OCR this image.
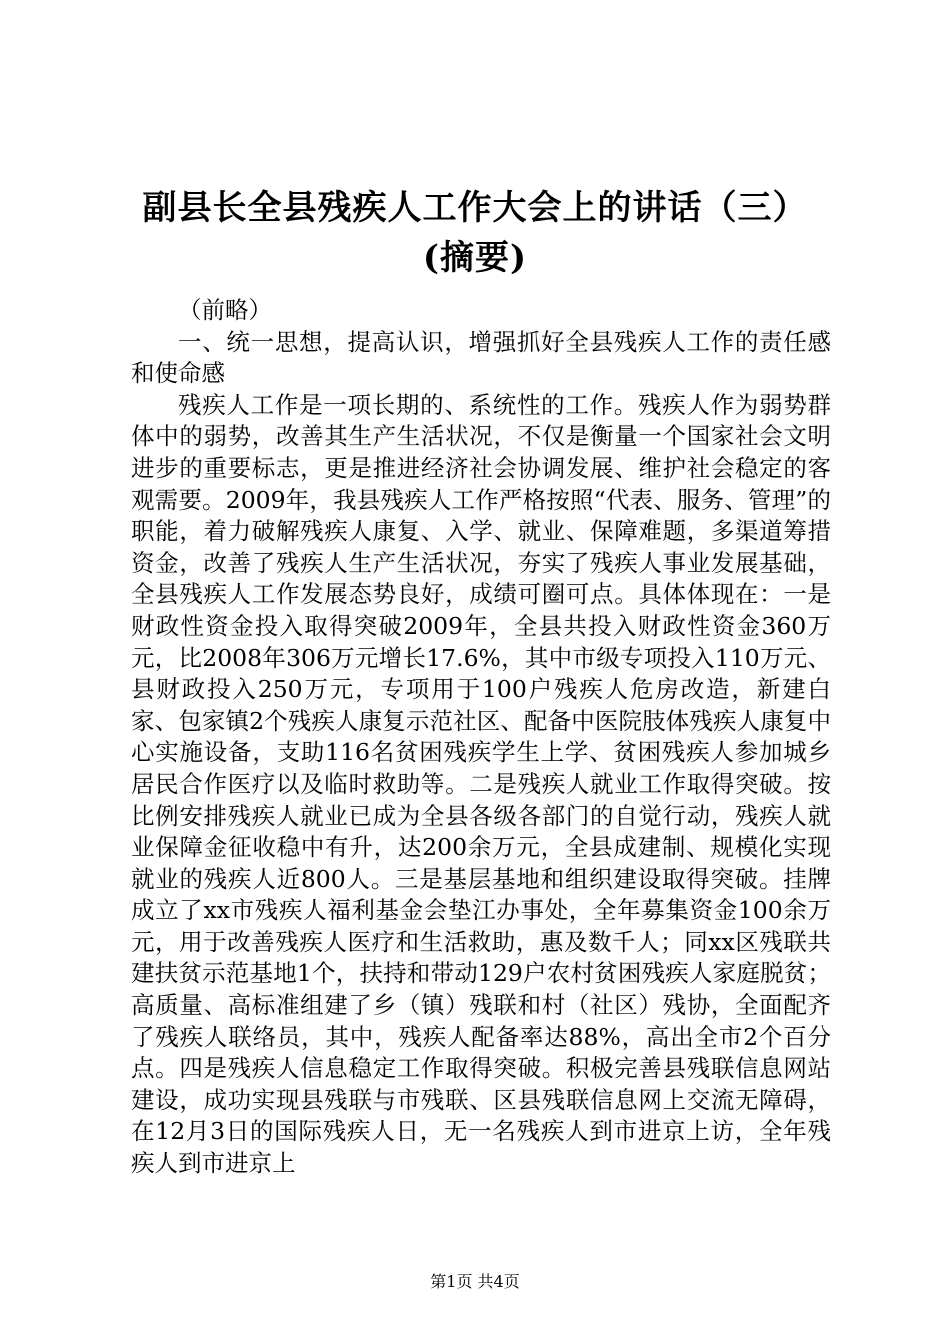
副县长全县残疾人工作大会上的讲话（三）
(摘要)

（前略）

一、统一思想，提高认识，增强抓好全县残疾人工作的责任感和使命感

残疾人工作是一项长期的、系统性的工作。残疾人作为弱势群体中的弱势，改善其生产生活状况，不仅是衡量一个国家社会文明进步的重要标志，更是推进经济社会协调发展、维护社会稳定的客观需要。2009年，我县残疾人工作严格按照“代表、服务、管理”的职能，着力破解残疾人康复、入学、就业、保障难题，多渠道筹措资金，改善了残疾人生产生活状况，夯实了残疾人事业发展基础，全县残疾人工作发展态势良好，成绩可圈可点。具体体现在：一是财政性资金投入取得突破2009年，全县共投入财政性资金360万元，比2008年306万元增长17.6%，其中市级专项投入110万元、县财政投入250万元，专项用于100户残疾人危房改造，新建白家、包家镇2个残疾人康复示范社区、配备中医院肢体残疾人康复中心实施设备，支助116名贫困残疾学生上学、贫困残疾人参加城乡居民合作医疗以及临时救助等。二是残疾人就业工作取得突破。按比例安排残疾人就业已成为全县各级各部门的自觉行动，残疾人就业保障金征收稳中有升，达200余万元，全县成建制、规模化实现就业的残疾人近800人。三是基层基地和组织建设取得突破。挂牌成立了xx市残疾人福利基金会垫江办事处，全年募集资金100余万元，用于改善残疾人医疗和生活救助，惠及数千人；同xx区残联共建扶贫示范基地1个，扶持和带动129户农村贫困残疾人家庭脱贫；高质量、高标准组建了乡（镇）残联和村（社区）残协，全面配齐了残疾人联络员，其中，残疾人配备率达88%，高出全市2个百分点。四是残疾人信息稳定工作取得突破。积极完善县残联信息网站建设，成功实现县残联与市残联、区县残联信息网上交流无障碍，在12月3日的国际残疾人日，无一名残疾人到市进京上访，全年残疾人到市进京上

第1页 共4页
